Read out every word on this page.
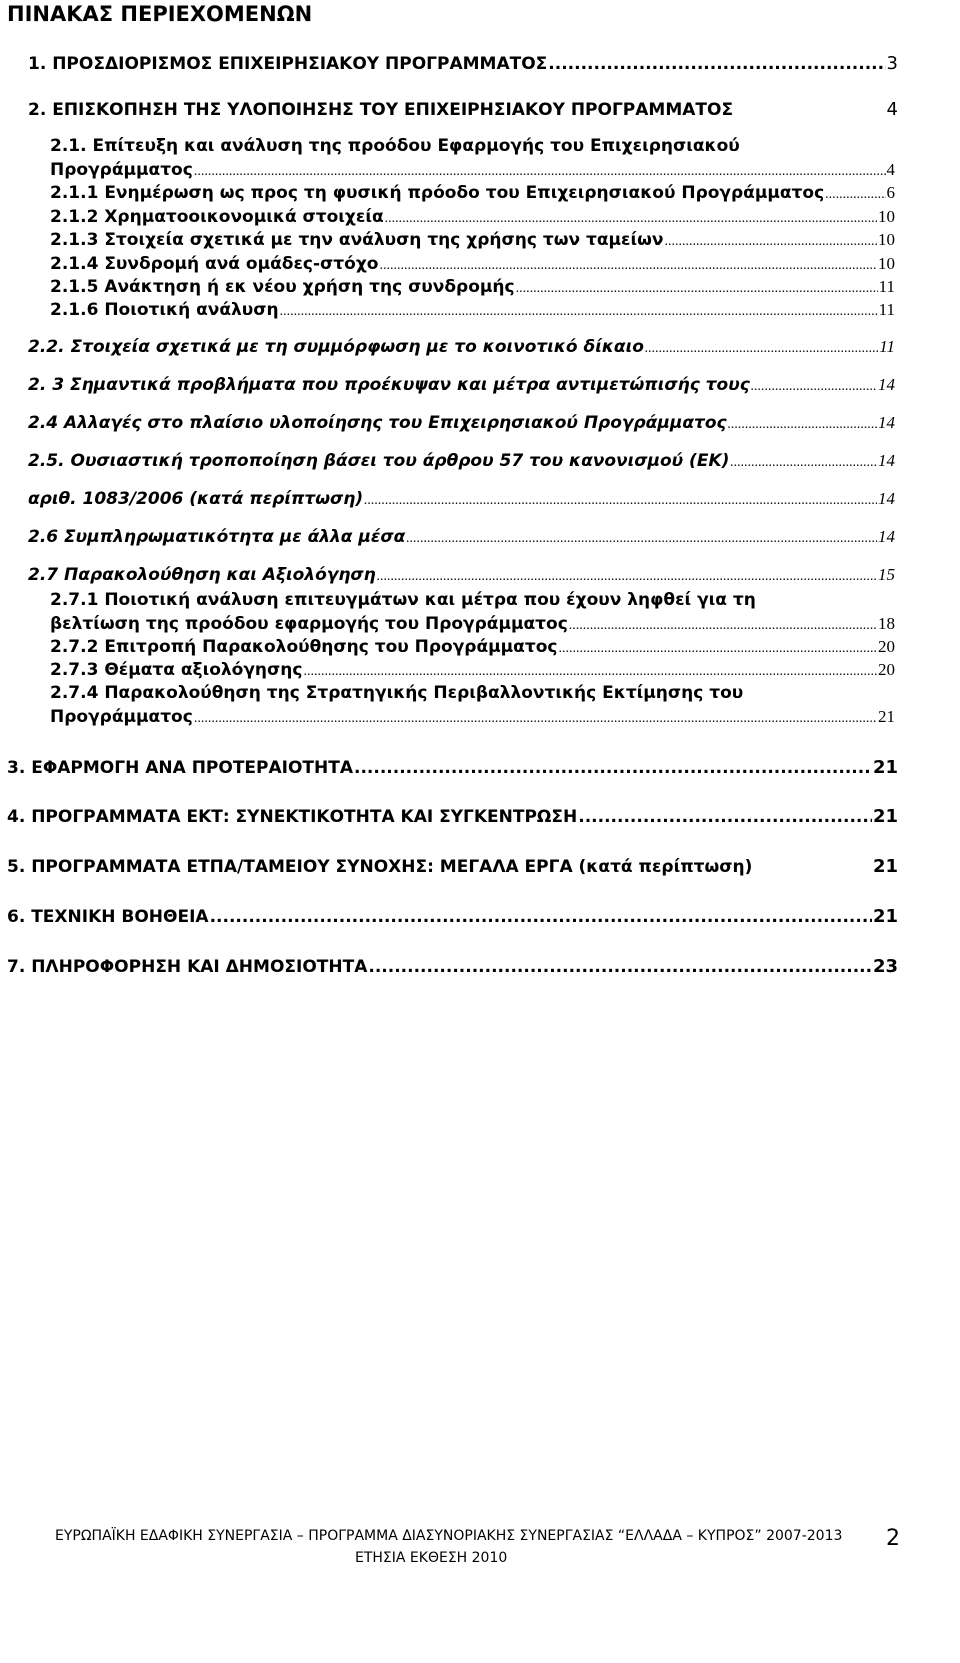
ΠΙΝΑΚΑΣ ΠΕΡΙΕΧΟΜΕΝΩΝ
1. ΠΡΟΣΔΙΟΡΙΣΜΟΣ ΕΠΙΧΕΙΡΗΣΙΑΚΟΥ ΠΡΟΓΡΑΜΜΑΤΟΣ .....	3
2. ΕΠΙΣΚΟΠΗΣΗ ΤΗΣ ΥΛΟΠΟΙΗΣΗΣ ΤΟΥ ΕΠΙΧΕΙΡΗΣΙΑΚΟΥ ΠΡΟΓΡΑΜΜΑΤΟΣ	4
2.1. Επίτευξη και ανάλυση της προόδου Εφαρμογής του Επιχειρησιακού
Προγράμματος .....	4
2.1.1 Ενημέρωση ως προς τη φυσική πρόοδο του Επιχειρησιακού Προγράμματος .....	6
2.1.2 Χρηματοοικονομικά στοιχεία .....	10
2.1.3 Στοιχεία σχετικά με την ανάλυση της χρήσης των ταμείων .....	10
2.1.4 Συνδρομή ανά ομάδες-στόχο .....	10
2.1.5 Ανάκτηση ή εκ νέου χρήση της συνδρομής .....	11
2.1.6 Ποιοτική ανάλυση .....	11
2.2. Στοιχεία σχετικά με τη συμμόρφωση με το κοινοτικό δίκαιο .....	11
2. 3 Σημαντικά προβλήματα που προέκυψαν και μέτρα αντιμετώπισής τους .....	14
2.4 Αλλαγές στο πλαίσιο υλοποίησης του Επιχειρησιακού Προγράμματος .....	14
2.5. Ουσιαστική τροποποίηση βάσει του άρθρου 57 του κανονισμού (ΕΚ) .....	14
αριθ. 1083/2006 (κατά περίπτωση) .....	14
2.6 Συμπληρωματικότητα με άλλα μέσα .....	14
2.7 Παρακολούθηση και Αξιολόγηση .....	15
2.7.1 Ποιοτική ανάλυση επιτευγμάτων και μέτρα που έχουν ληφθεί για τη
βελτίωση της προόδου εφαρμογής του Προγράμματος .....	18
2.7.2 Επιτροπή Παρακολούθησης του Προγράμματος .....	20
2.7.3 Θέματα αξιολόγησης .....	20
2.7.4 Παρακολούθηση της Στρατηγικής Περιβαλλοντικής Εκτίμησης του
Προγράμματος .....	21
3. ΕΦΑΡΜΟΓΗ ΑΝΑ ΠΡΟΤΕΡΑΙΟΤΗΤΑ .....	21
4. ΠΡΟΓΡΑΜΜΑΤΑ ΕΚΤ: ΣΥΝΕΚΤΙΚΟΤΗΤΑ ΚΑΙ ΣΥΓΚΕΝΤΡΩΣΗ .....	21
5. ΠΡΟΓΡΑΜΜΑΤΑ ΕΤΠΑ/ΤΑΜΕΙΟΥ ΣΥΝΟΧΗΣ: ΜΕΓΑΛΑ ΕΡΓΑ (κατά περίπτωση)	21
6. ΤΕΧΝΙΚΗ ΒΟΗΘΕΙΑ .....	21
7. ΠΛΗΡΟΦΟΡΗΣΗ ΚΑΙ ΔΗΜΟΣΙΟΤΗΤΑ .....	23
ΕΥΡΩΠΑΪΚΗ ΕΔΑΦΙΚΗ ΣΥΝΕΡΓΑΣΙΑ – ΠΡΟΓΡΑΜΜΑ ΔΙΑΣΥΝΟΡΙΑΚΗΣ ΣΥΝΕΡΓΑΣΙΑΣ “ΕΛΛΑΔΑ – ΚΥΠΡΟΣ” 2007-2013
ΕΤΗΣΙΑ ΕΚΘΕΣΗ 2010
2
